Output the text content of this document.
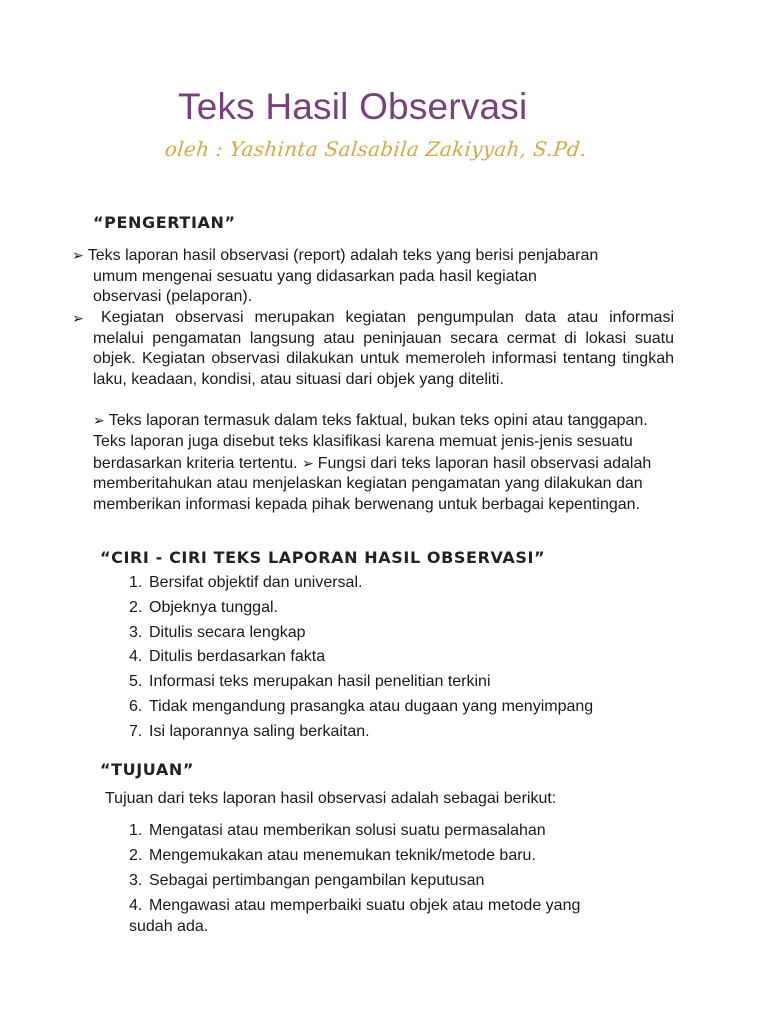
Teks Hasil Observasi
oleh : Yashinta Salsabila Zakiyyah, S.Pd.
“PENGERTIAN”

➢ Teks laporan hasil observasi (report) adalah teks yang berisi penjabaran

umum mengenai sesuatu yang didasarkan pada hasil kegiatan observasi (pelaporan).

➢	Kegiatan observasi merupakan kegiatan pengumpulan data atau informasi melalui pengamatan langsung atau peninjauan secara cermat di lokasi suatu objek. Kegiatan observasi dilakukan untuk memeroleh informasi tentang tingkah laku, keadaan, kondisi, atau situasi dari objek yang diteliti.

➢ Teks laporan termasuk dalam teks faktual, bukan teks opini atau tanggapan. Teks laporan juga disebut teks klasifikasi karena memuat jenis-jenis sesuatu berdasarkan kriteria tertentu. ➢ Fungsi dari teks laporan hasil observasi adalah memberitahukan atau menjelaskan kegiatan pengamatan yang dilakukan dan memberikan informasi kepada pihak berwenang untuk berbagai kepentingan.

“CIRI - CIRI TEKS LAPORAN HASIL OBSERVASI”
1. Bersifat objektif dan universal.
2. Objeknya tunggal.
3. Ditulis secara lengkap
4. Ditulis berdasarkan fakta
5. Informasi teks merupakan hasil penelitian terkini
6. Tidak mengandung prasangka atau dugaan yang menyimpang
7. Isi laporannya saling berkaitan.
“TUJUAN”
Tujuan dari teks laporan hasil observasi adalah sebagai berikut:
1. Mengatasi atau memberikan solusi suatu permasalahan
2. Mengemukakan atau menemukan teknik/metode baru.
3. Sebagai pertimbangan pengambilan keputusan
4. Mengawasi atau memperbaiki suatu objek atau metode yang
sudah ada.
